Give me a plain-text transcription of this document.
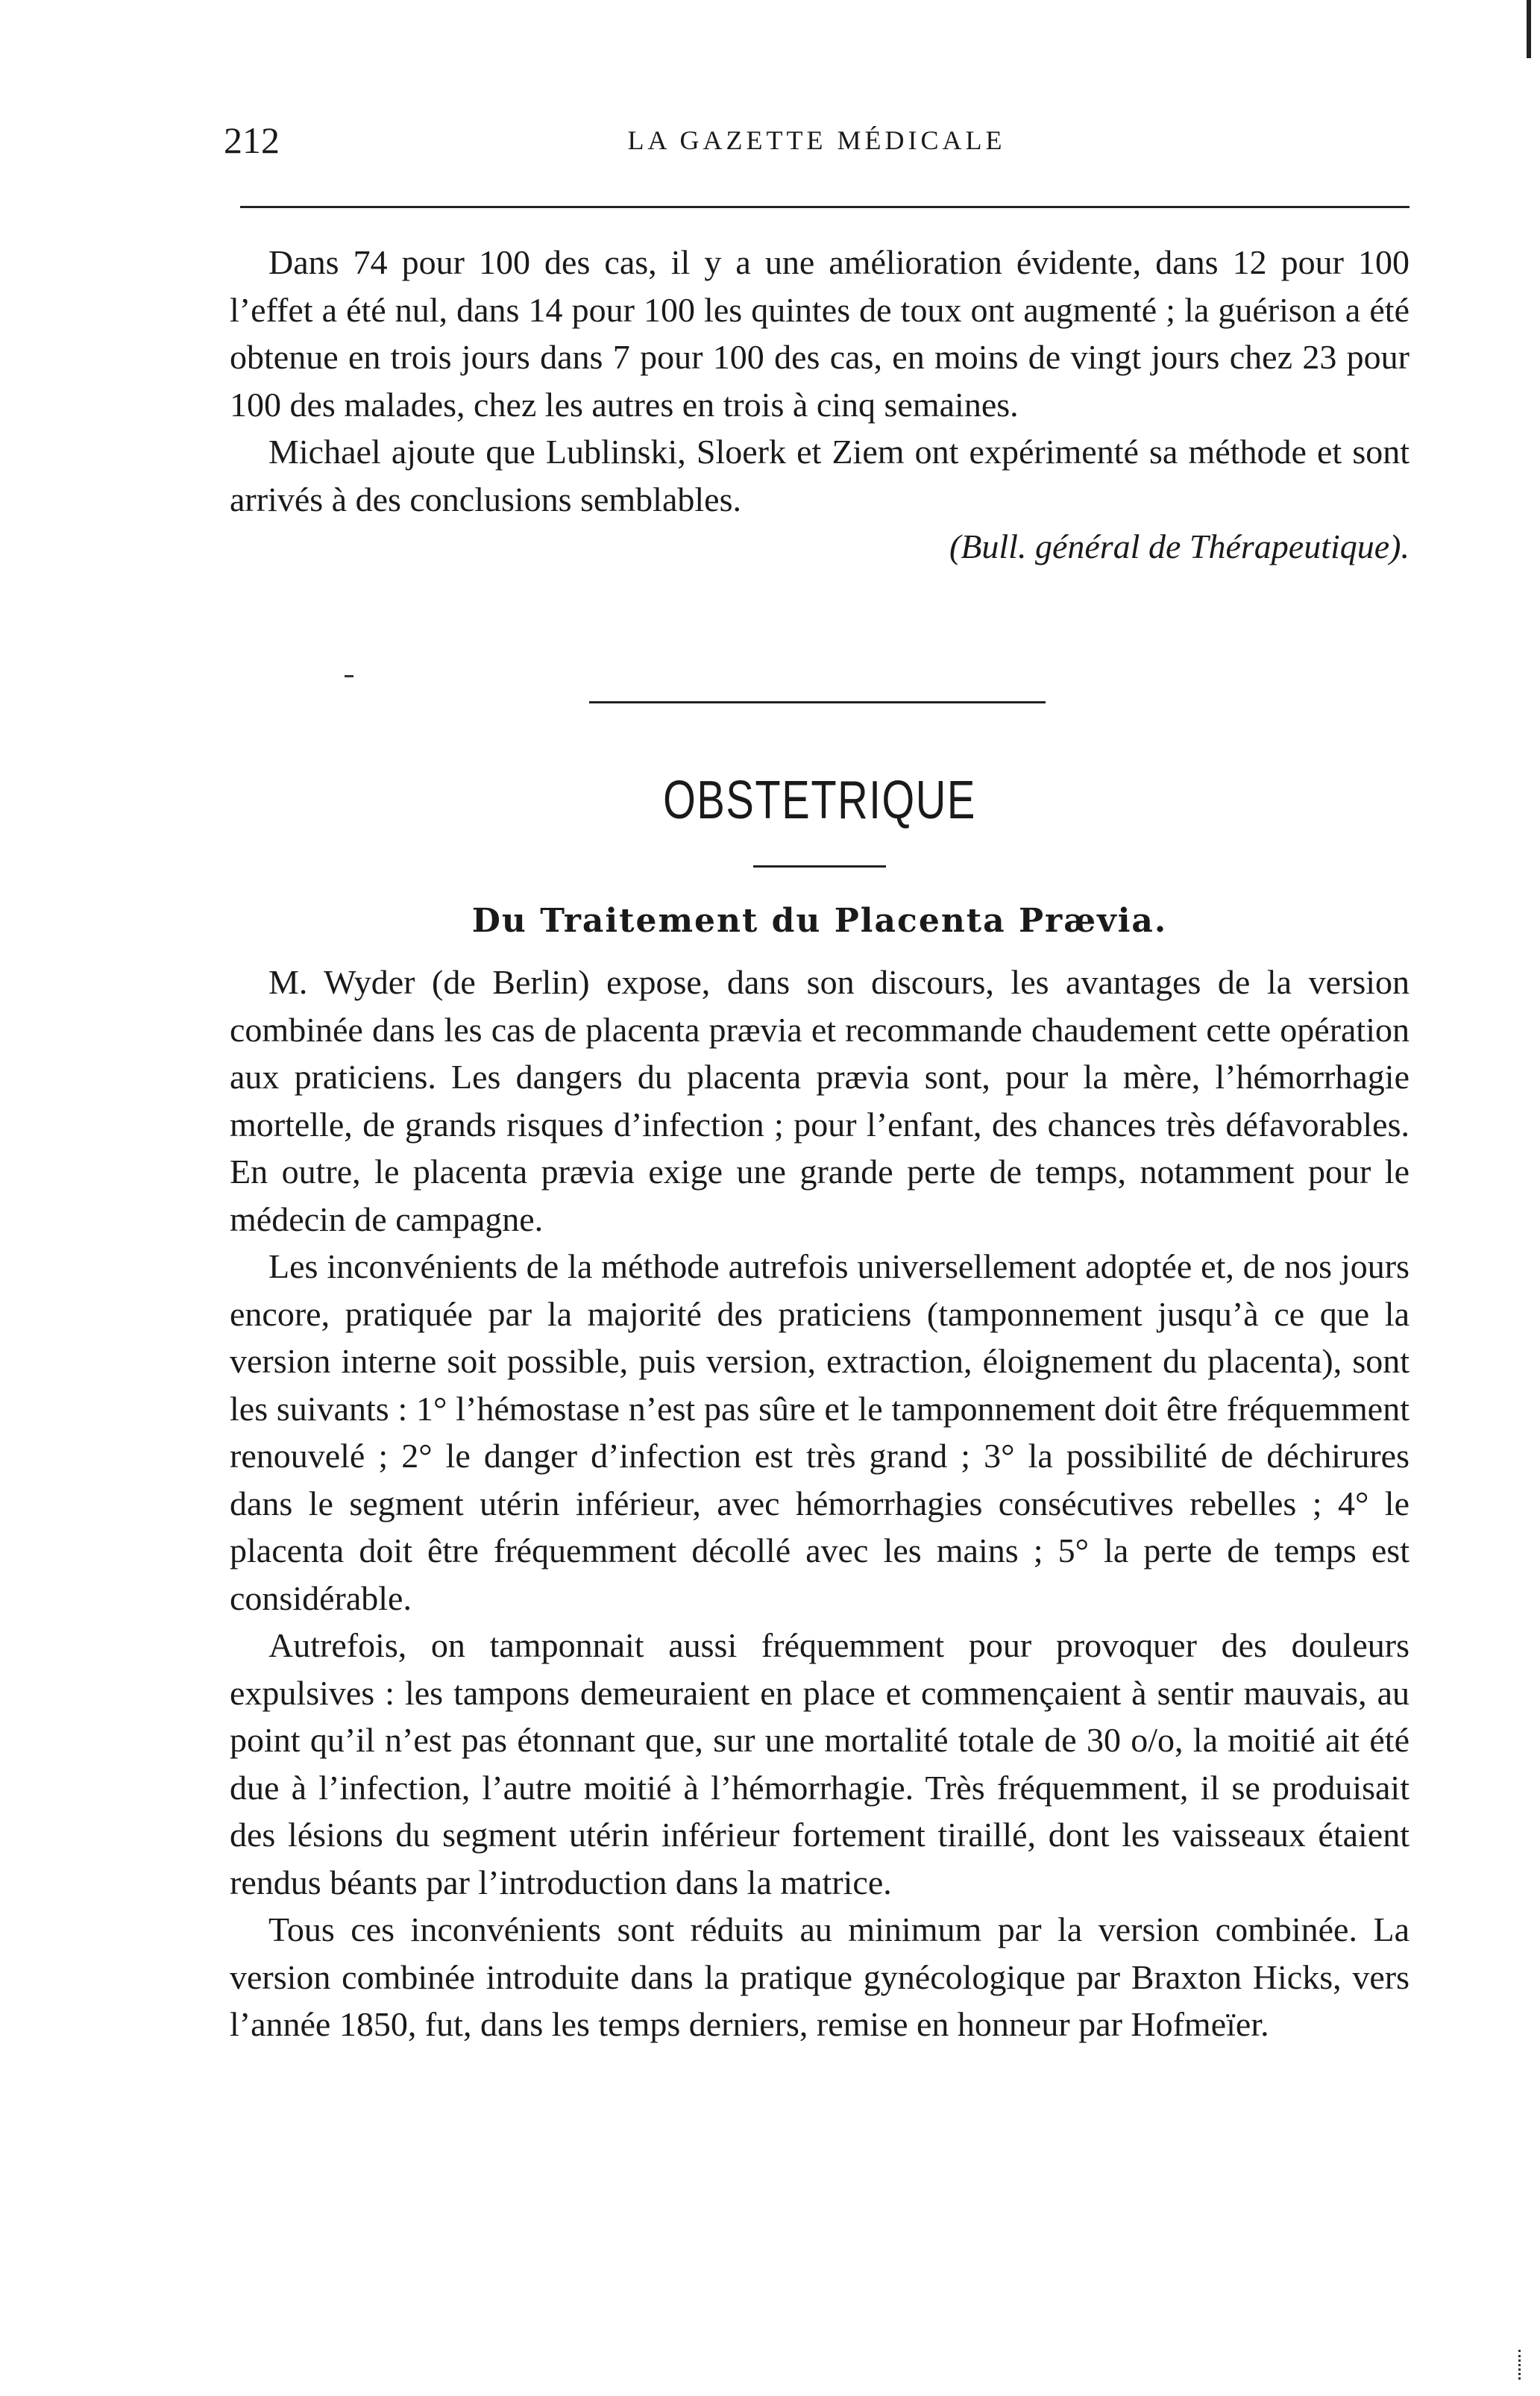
212	LA GAZETTE MÉDICALE

Dans 74 pour 100 des cas, il y a une amélioration évidente, dans 12 pour 100 l’effet a été nul, dans 14 pour 100 les quintes de toux ont augmenté ; la guérison a été obtenue en trois jours dans 7 pour 100 des cas, en moins de vingt jours chez 23 pour 100 des malades, chez les autres en trois à cinq semaines.

Michael ajoute que Lublinski, Sloerk et Ziem ont expérimenté sa méthode et sont arrivés à des conclusions semblables.

(Bull. général de Thérapeutique).

OBSTETRIQUE
Du Traitement du Placenta Prævia.

M. Wyder (de Berlin) expose, dans son discours, les avantages de la version combinée dans les cas de placenta prævia et recommande chaudement cette opération aux praticiens. Les dangers du placenta prævia sont, pour la mère, l’hémorrhagie mortelle, de grands risques d’infection ; pour l’enfant, des chances très défavorables. En outre, le placenta prævia exige une grande perte de temps, notamment pour le médecin de campagne.

Les inconvénients de la méthode autrefois universellement adoptée et, de nos jours encore, pratiquée par la majorité des praticiens (tamponnement jusqu’à ce que la version interne soit possible, puis version, extraction, éloignement du placenta), sont les suivants : 1° l’hémostase n’est pas sûre et le tamponnement doit être fréquemment renouvelé ; 2° le danger d’infection est très grand ; 3° la possibilité de déchirures dans le segment utérin inférieur, avec hémorrhagies consécutives rebelles ; 4° le placenta doit être fréquemment décollé avec les mains ; 5° la perte de temps est considérable.

Autrefois, on tamponnait aussi fréquemment pour provoquer des douleurs expulsives : les tampons demeuraient en place et commençaient à sentir mauvais, au point qu’il n’est pas étonnant que, sur une mortalité totale de 30 o/o, la moitié ait été due à l’infection, l’autre moitié à l’hémorrhagie. Très fréquemment, il se produisait des lésions du segment utérin inférieur fortement tiraillé, dont les vaisseaux étaient rendus béants par l’introduction dans la matrice.

Tous ces inconvénients sont réduits au minimum par la version combinée. La version combinée introduite dans la pratique gynécologique par Braxton Hicks, vers l’année 1850, fut, dans les temps derniers, remise en honneur par Hofmeïer.
